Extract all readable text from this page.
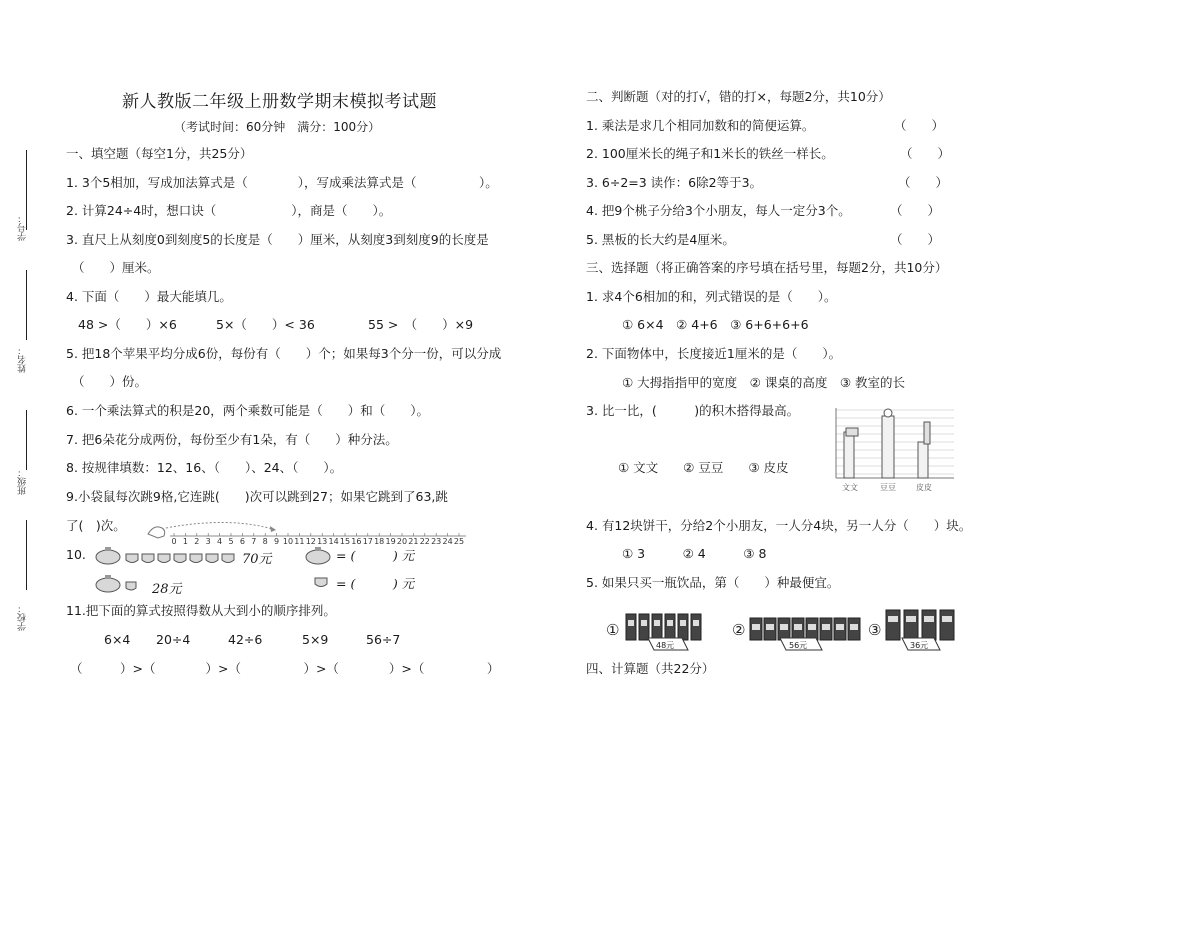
学号：
姓名：
班级：
学校：
新人教版二年级上册数学期末模拟考试题
（考试时间：60分钟　满分：100分）
一、填空题（每空1分，共25分）
1. 3个5相加，写成加法算式是（　　　　），写成乘法算式是（　　　　　）。
2. 计算24÷4时，想口诀（　　　　　　），商是（　　）。
3. 直尺上从刻度0到刻度5的长度是（　　）厘米，从刻度3到刻度9的长度是
（　　）厘米。
4. 下面（　　）最大能填几。
48 >（　　）×6	5×（　　）< 36	55 >　（　　）×9
5. 把18个苹果平均分成6份，每份有（　　）个；如果每3个分一份，可以分成
（　　）份。
6. 一个乘法算式的积是20，两个乘数可能是（　　）和（　　）。
7. 把6朵花分成两份，每份至少有1朵，有（　　）种分法。
8. 按规律填数：12、16、（　　）、24、（　　）。
9.小袋鼠每次跳9格,它连跳(　　)次可以跳到27；如果它跳到了63,跳
了(　)次。
0 1 2 3 4 5 6 7 8 9 10 11 12 13 14 15 16 17 18 19 20 21 22 23 24 25
10.	70元
28元
= (　　　) 元
= (　　　) 元
11.把下面的算式按照得数从大到小的顺序排列。
6×4 20÷4	42÷6	5×9	56÷7
（　　　）>（　　　　）>（　　　　　）>（　　　　）>（　　　　　）
二、判断题（对的打√，错的打×，每题2分，共10分）
1. 乘法是求几个相同加数和的简便运算。	（　　）
2. 100厘米长的绳子和1米长的铁丝一样长。	（　　）
3. 6÷2=3 读作：6除2等于3。	（　　）
4. 把9个桃子分给3个小朋友，每人一定分3个。	（　　）
5. 黑板的长大约是4厘米。	（　　）
三、选择题（将正确答案的序号填在括号里，每题2分，共10分）
1. 求4个6相加的和，列式错误的是（　　）。
① 6×4　② 4+6　③ 6+6+6+6
2. 下面物体中，长度接近1厘米的是（　　）。
① 大拇指指甲的宽度　② 课桌的高度　③ 教室的长
3. 比一比，(　　　)的积木搭得最高。
① 文文　　② 豆豆　　③ 皮皮
文文	豆豆	皮皮
4. 有12块饼干，分给2个小朋友，一人分4块，另一人分（　　）块。
① 3　　　② 4　　　③ 8
5. 如果只买一瓶饮品，第（　　）种最便宜。
①
48元
②
56元
③
36元
四、计算题（共22分）
